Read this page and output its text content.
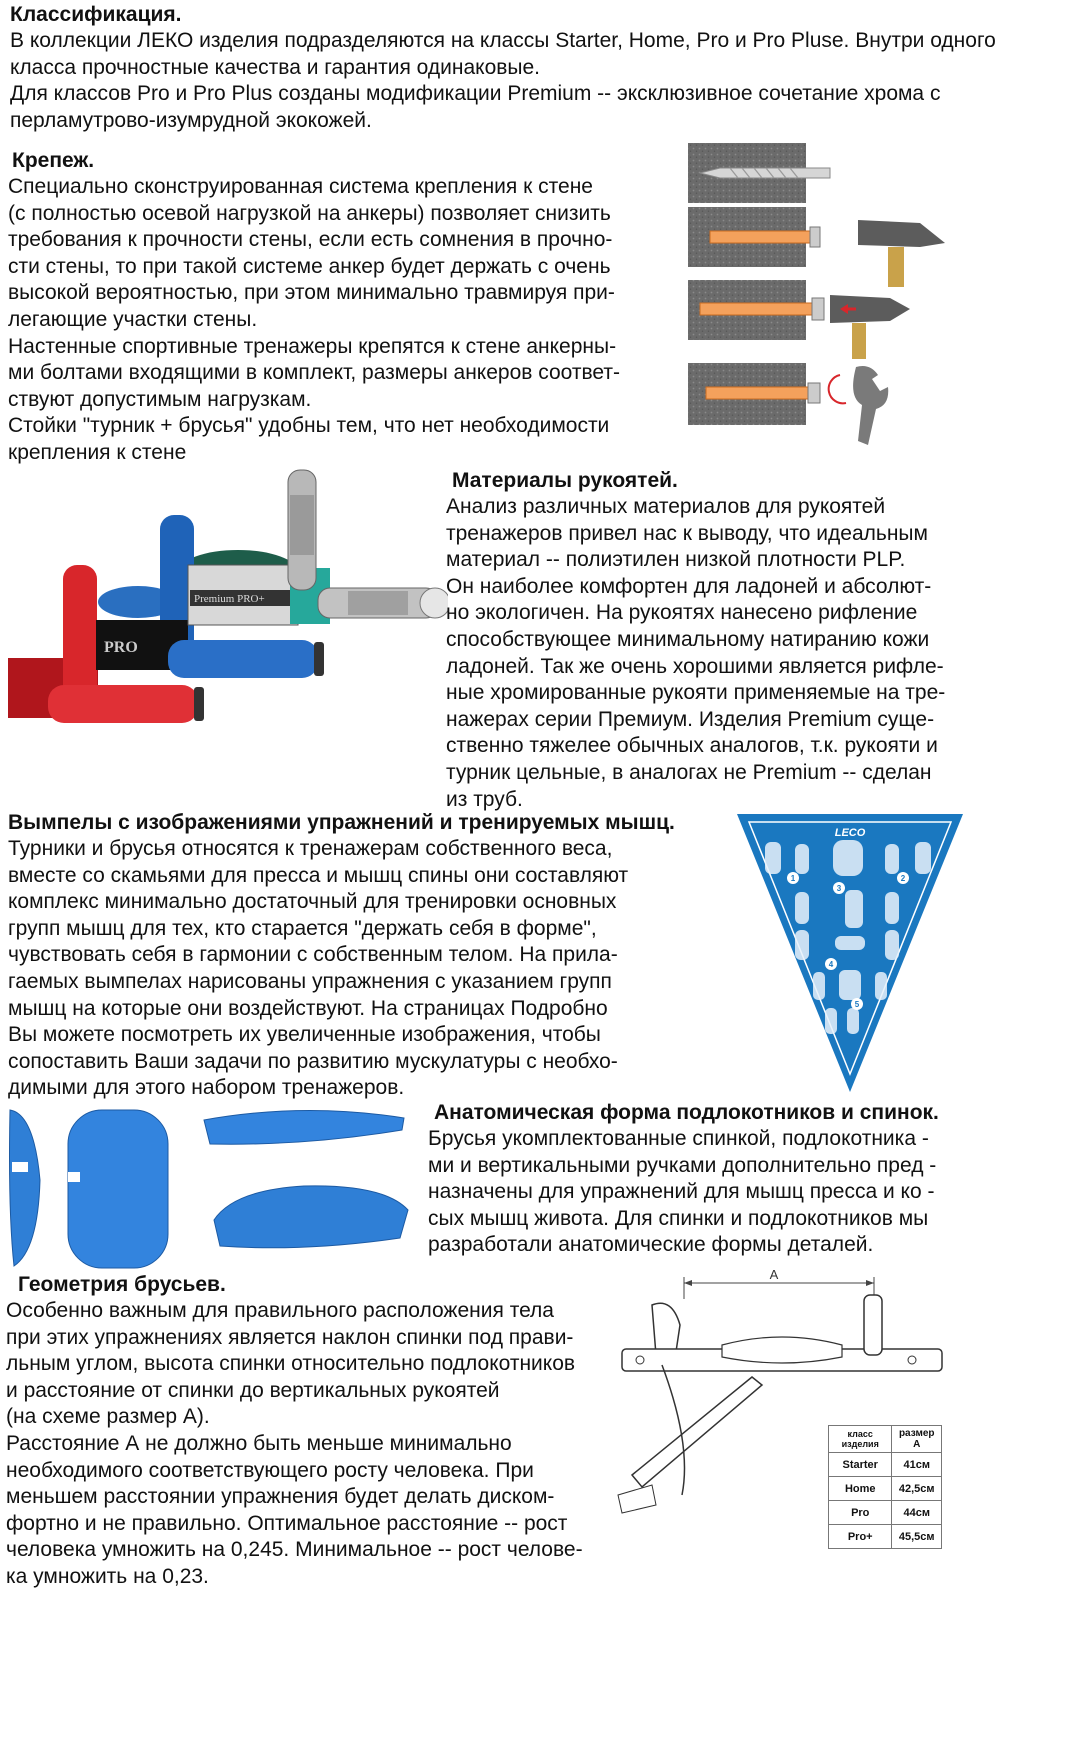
Классификация.

В коллекции ЛЕКО изделия подразделяются на классы Starter, Home, Pro и Pro Pluse. Внутри одного класса прочностные качества и гарантия одинаковые.
Для классов Pro и Pro Plus созданы модификации Premium -- эксклюзивное сочетание хрома с перламутрово-изумрудной экокожей.

Крепеж.

Специально сконструированная система крепления к стене
(с полностью осевой нагрузкой на анкеры) позволяет снизить
требования к прочности стены, если есть сомнения в прочно-
сти стены, то при такой системе анкер будет держать с очень
высокой вероятностью, при этом минимально травмируя при-
легающие участки стены.
Настенные спортивные тренажеры крепятся к стене анкерны-
ми болтами входящими в комплект, размеры анкеров соответ-
ствуют допустимым нагрузкам.
Стойки "турник + брусья" удобны тем, что нет необходимости
крепления к стене

PRO
Premium PRO+

Материалы рукоятей.

Анализ различных материалов для рукоятей
тренажеров привел нас к выводу, что идеальным
материал -- полиэтилен низкой плотности PLP.
Он наиболее комфортен для ладоней и абсолют-
но экологичен. На рукоятях нанесено рифление
способствующее минимальному натиранию кожи
ладоней. Так же очень хорошими является рифле-
ные хромированные рукояти применяемые на тре-
нажерах серии Премиум. Изделия Premium суще-
ственно тяжелее обычных аналогов, т.к. рукояти и
турник цельные, в аналогах не Premium -- сделан
из труб.

Вымпелы с изображениями упражнений и тренируемых мышц.

Турники и брусья относятся к тренажерам собственного веса,
вместе со скамьями для пресса и мышц спины они составляют
комплекс минимально достаточный для тренировки основных
групп мышц для тех, кто старается "держать себя в форме",
чувствовать себя в гармонии с собственным телом. На прила-
гаемых вымпелах нарисованы упражнения с указанием групп
мышц на которые они воздействуют. На страницах Подробно
Вы можете посмотреть их увеличенные изображения, чтобы
сопоставить Ваши задачи по развитию мускулатуры с необхо-
димыми для этого набором тренажеров.

LECO
1	2
3
4
5

Анатомическая форма подлокотников и спинок.

Брусья укомплектованные спинкой, подлокотника -
ми и вертикальными ручками дополнительно пред -
назначены для упражнений для мышц пресса и ко -
сых мышц живота. Для спинки и подлокотников мы
разработали анатомические формы деталей.

Геометрия брусьев.

Особенно важным для правильного расположения тела
при этих упражнениях является наклон спинки под прави-
льным углом, высота спинки относительно подлокотников
и расстояние от спинки до вертикальных рукоятей
(на схеме размер А).
Расстояние А не должно быть меньше минимально
необходимого соответствующего росту человека. При
меньшем расстоянии упражнения будет делать диском-
фортно и не правильно. Оптимальное расстояние -- рост
человека умножить на 0,245. Минимальное -- рост челове-
ка умножить на 0,23.

A
класс изделия	размер А
Starter	41см
Home	42,5см
Pro	44см
Pro+	45,5см
